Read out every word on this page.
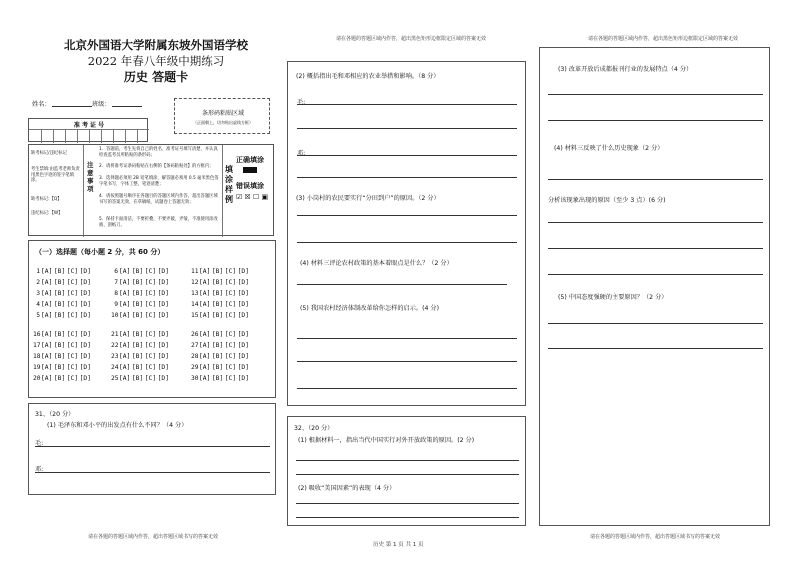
北京外国语大学附属东坡外国语学校
2022 年春八年级中期练习
历史 答题卡
姓名：	班级：
准 考 证 号
条形码粘贴区域
（正面朝上，切勿贴出虚线方框）
缺考标记/违纪标记
考生禁填:由监考老师负责用黑色字迹的签字笔填涂。
缺考标记:【Q】
违纪标记:【W】
注意事项
1．答题前，考生先将自己的姓名、准考证号填写清楚，并认真检查监考员所粘贴的条形码；
2．请将准考证条码粘贴在右侧的【条码粘贴处】的方框内；
3．选择题必须用 2B 铅笔填涂，解答题必须用 0.5 毫米黑色签字笔书写，字体工整，笔迹清楚；
4．请按照题号顺序在各题目的答题区域内作答，超出答题区域书写的答案无效，在草稿纸、试题卷上答题无效；
5．保持卡面清洁，不要折叠，不要弄破、弄皱，不准使用涂改液、刮纸刀。
填涂样例
正确填涂
错误填涂
☑ ☒ ☐ ▣
（一）选择题（每小题 2 分，共 60 分）
1[A] [B] [C] [D]	6[A] [B] [C] [D]	11[A] [B] [C] [D]
2[A] [B] [C] [D]	7[A] [B] [C] [D]	12[A] [B] [C] [D]
3[A] [B] [C] [D]	8[A] [B] [C] [D]	13[A] [B] [C] [D]
4[A] [B] [C] [D]	9[A] [B] [C] [D]	14[A] [B] [C] [D]
5[A] [B] [C] [D]	10[A] [B] [C] [D]	15[A] [B] [C] [D]
16[A] [B] [C] [D]	21[A] [B] [C] [D]	26[A] [B] [C] [D]
17[A] [B] [C] [D]	22[A] [B] [C] [D]	27[A] [B] [C] [D]
18[A] [B] [C] [D]	23[A] [B] [C] [D]	28[A] [B] [C] [D]
19[A] [B] [C] [D]	24[A] [B] [C] [D]	29[A] [B] [C] [D]
20[A] [B] [C] [D]	25[A] [B] [C] [D]	30[A] [B] [C] [D]
31、（20 分）
(1) 毛泽东和邓小平的出发点有什么不同？（4 分）
毛:
邓:
请在各题的答题区域内作答，超出答题区域书写的答案无效
请在各题的答题区域内作答，超出黑色矩形边框限定区域的答案无效
(2) 概括指出毛和邓相应的农业举措和影响。（8 分）
毛:
邓:
(3) 小岗村的农民要实行“分田到户”的原因。（2 分）
(4) 材料三评论农村政策的基本着眼点是什么？（2 分）
(5) 我国农村经济体制改革给你怎样的启示。(4 分)
32、（20 分）
(1) 根据材料一，指出当代中国实行对外开放政策的原因。(2 分)
(2) 吸收“美国因素”的表现（4 分）
历史 第 1 页 共 1 页
请在各题的答题区域内作答，超出黑色矩形边框限定区域的答案无效
(3) 改革开放后成都报刊行业的发展特点（4 分）
(4) 材料三反映了什么历史现象（2 分）
分析该现象出现的原因（至少 3 点）(6 分)
(5) 中国态度强硬的主要原因？（2 分）
请在各题的答题区域内作答，超出答题区域书写的答案无效
